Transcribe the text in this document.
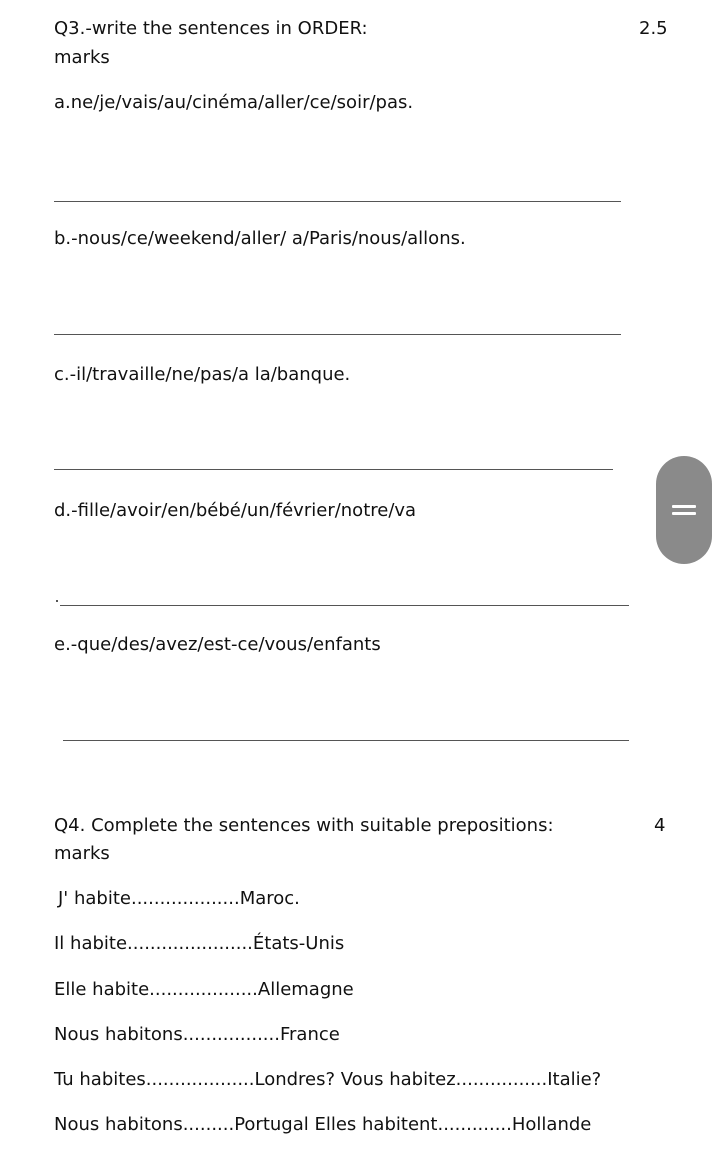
Q3.-write the sentences in ORDER:	2.5
marks
a.ne/je/vais/au/cinéma/aller/ce/soir/pas.
b.-nous/ce/weekend/aller/ a/Paris/nous/allons.
c.-il/travaille/ne/pas/a la/banque.
d.-fille/avoir/en/bébé/un/février/notre/va
e.-que/des/avez/est-ce/vous/enfants
Q4. Complete the sentences with suitable prepositions:	4
marks
J' habite...................Maroc.
Il habite......................États-Unis
Elle habite...................Allemagne
Nous habitons.................France
Tu habites...................Londres? Vous habitez................Italie?
Nous habitons.........Portugal Elles habitent.............Hollande
